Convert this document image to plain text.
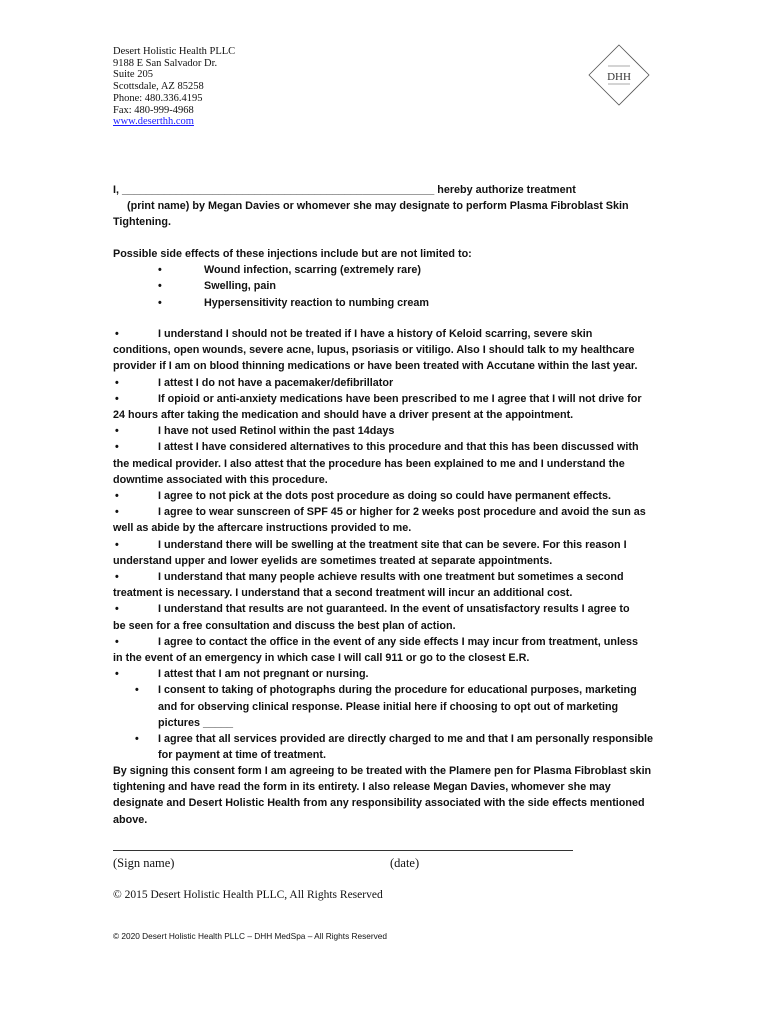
Desert Holistic Health PLLC
9188 E San Salvador Dr.
Suite 205
Scottsdale, AZ 85258
Phone: 480.336.4195
Fax: 480-999-4968
www.deserthh.com
DHH
I, ____________________________________________________ hereby authorize treatment
(print name) by Megan Davies or whomever she may designate to perform Plasma Fibroblast Skin
Tightening.
Possible side effects of these injections include but are not limited to:
•	Wound infection, scarring (extremely rare)
•	Swelling, pain
•	Hypersensitivity reaction to numbing cream
•	I understand I should not be treated if I have a history of Keloid scarring, severe skin
conditions, open wounds, severe acne, lupus, psoriasis or vitiligo. Also I should talk to my healthcare provider if I am on blood thinning medications or have been treated with Accutane within the last year.
•	I attest I do not have a pacemaker/defibrillator
•	If opioid or anti-anxiety medications have been prescribed to me I agree that I will not drive for
24 hours after taking the medication and should have a driver present at the appointment.
•	I have not used Retinol within the past 14days
•	I attest I have considered alternatives to this procedure and that this has been discussed with
the medical provider. I also attest that the procedure has been explained to me and I understand the downtime associated with this procedure.
•	I agree to not pick at the dots post procedure as doing so could have permanent effects.
•	I agree to wear sunscreen of SPF 45 or higher for 2 weeks post procedure and avoid the sun as
well as abide by the aftercare instructions provided to me.
•	I understand there will be swelling at the treatment site that can be severe. For this reason I
understand upper and lower eyelids are sometimes treated at separate appointments.
•	I understand that many people achieve results with one treatment but sometimes a second
treatment is necessary. I understand that a second treatment will incur an additional cost.
•	I understand that results are not guaranteed. In the event of unsatisfactory results I agree to
be seen for a free consultation and discuss the best plan of action.
•	I agree to contact the office in the event of any side effects I may incur from treatment, unless
in the event of an emergency in which case I will call 911 or go to the closest E.R.
•	I attest that I am not pregnant or nursing.
• I consent to taking of photographs during the procedure for educational purposes, marketing and for observing clinical response. Please initial here if choosing to opt out of marketing pictures _____
• I agree that all services provided are directly charged to me and that I am personally responsible for payment at time of treatment.
By signing this consent form I am agreeing to be treated with the Plamere pen for Plasma Fibroblast skin tightening and have read the form in its entirety. I also release Megan Davies, whomever she may designate and Desert Holistic Health from any responsibility associated with the side effects mentioned above.
(Sign name)	(date)
© 2015 Desert Holistic Health PLLC, All Rights Reserved
© 2020 Desert Holistic Health PLLC – DHH MedSpa – All Rights Reserved
